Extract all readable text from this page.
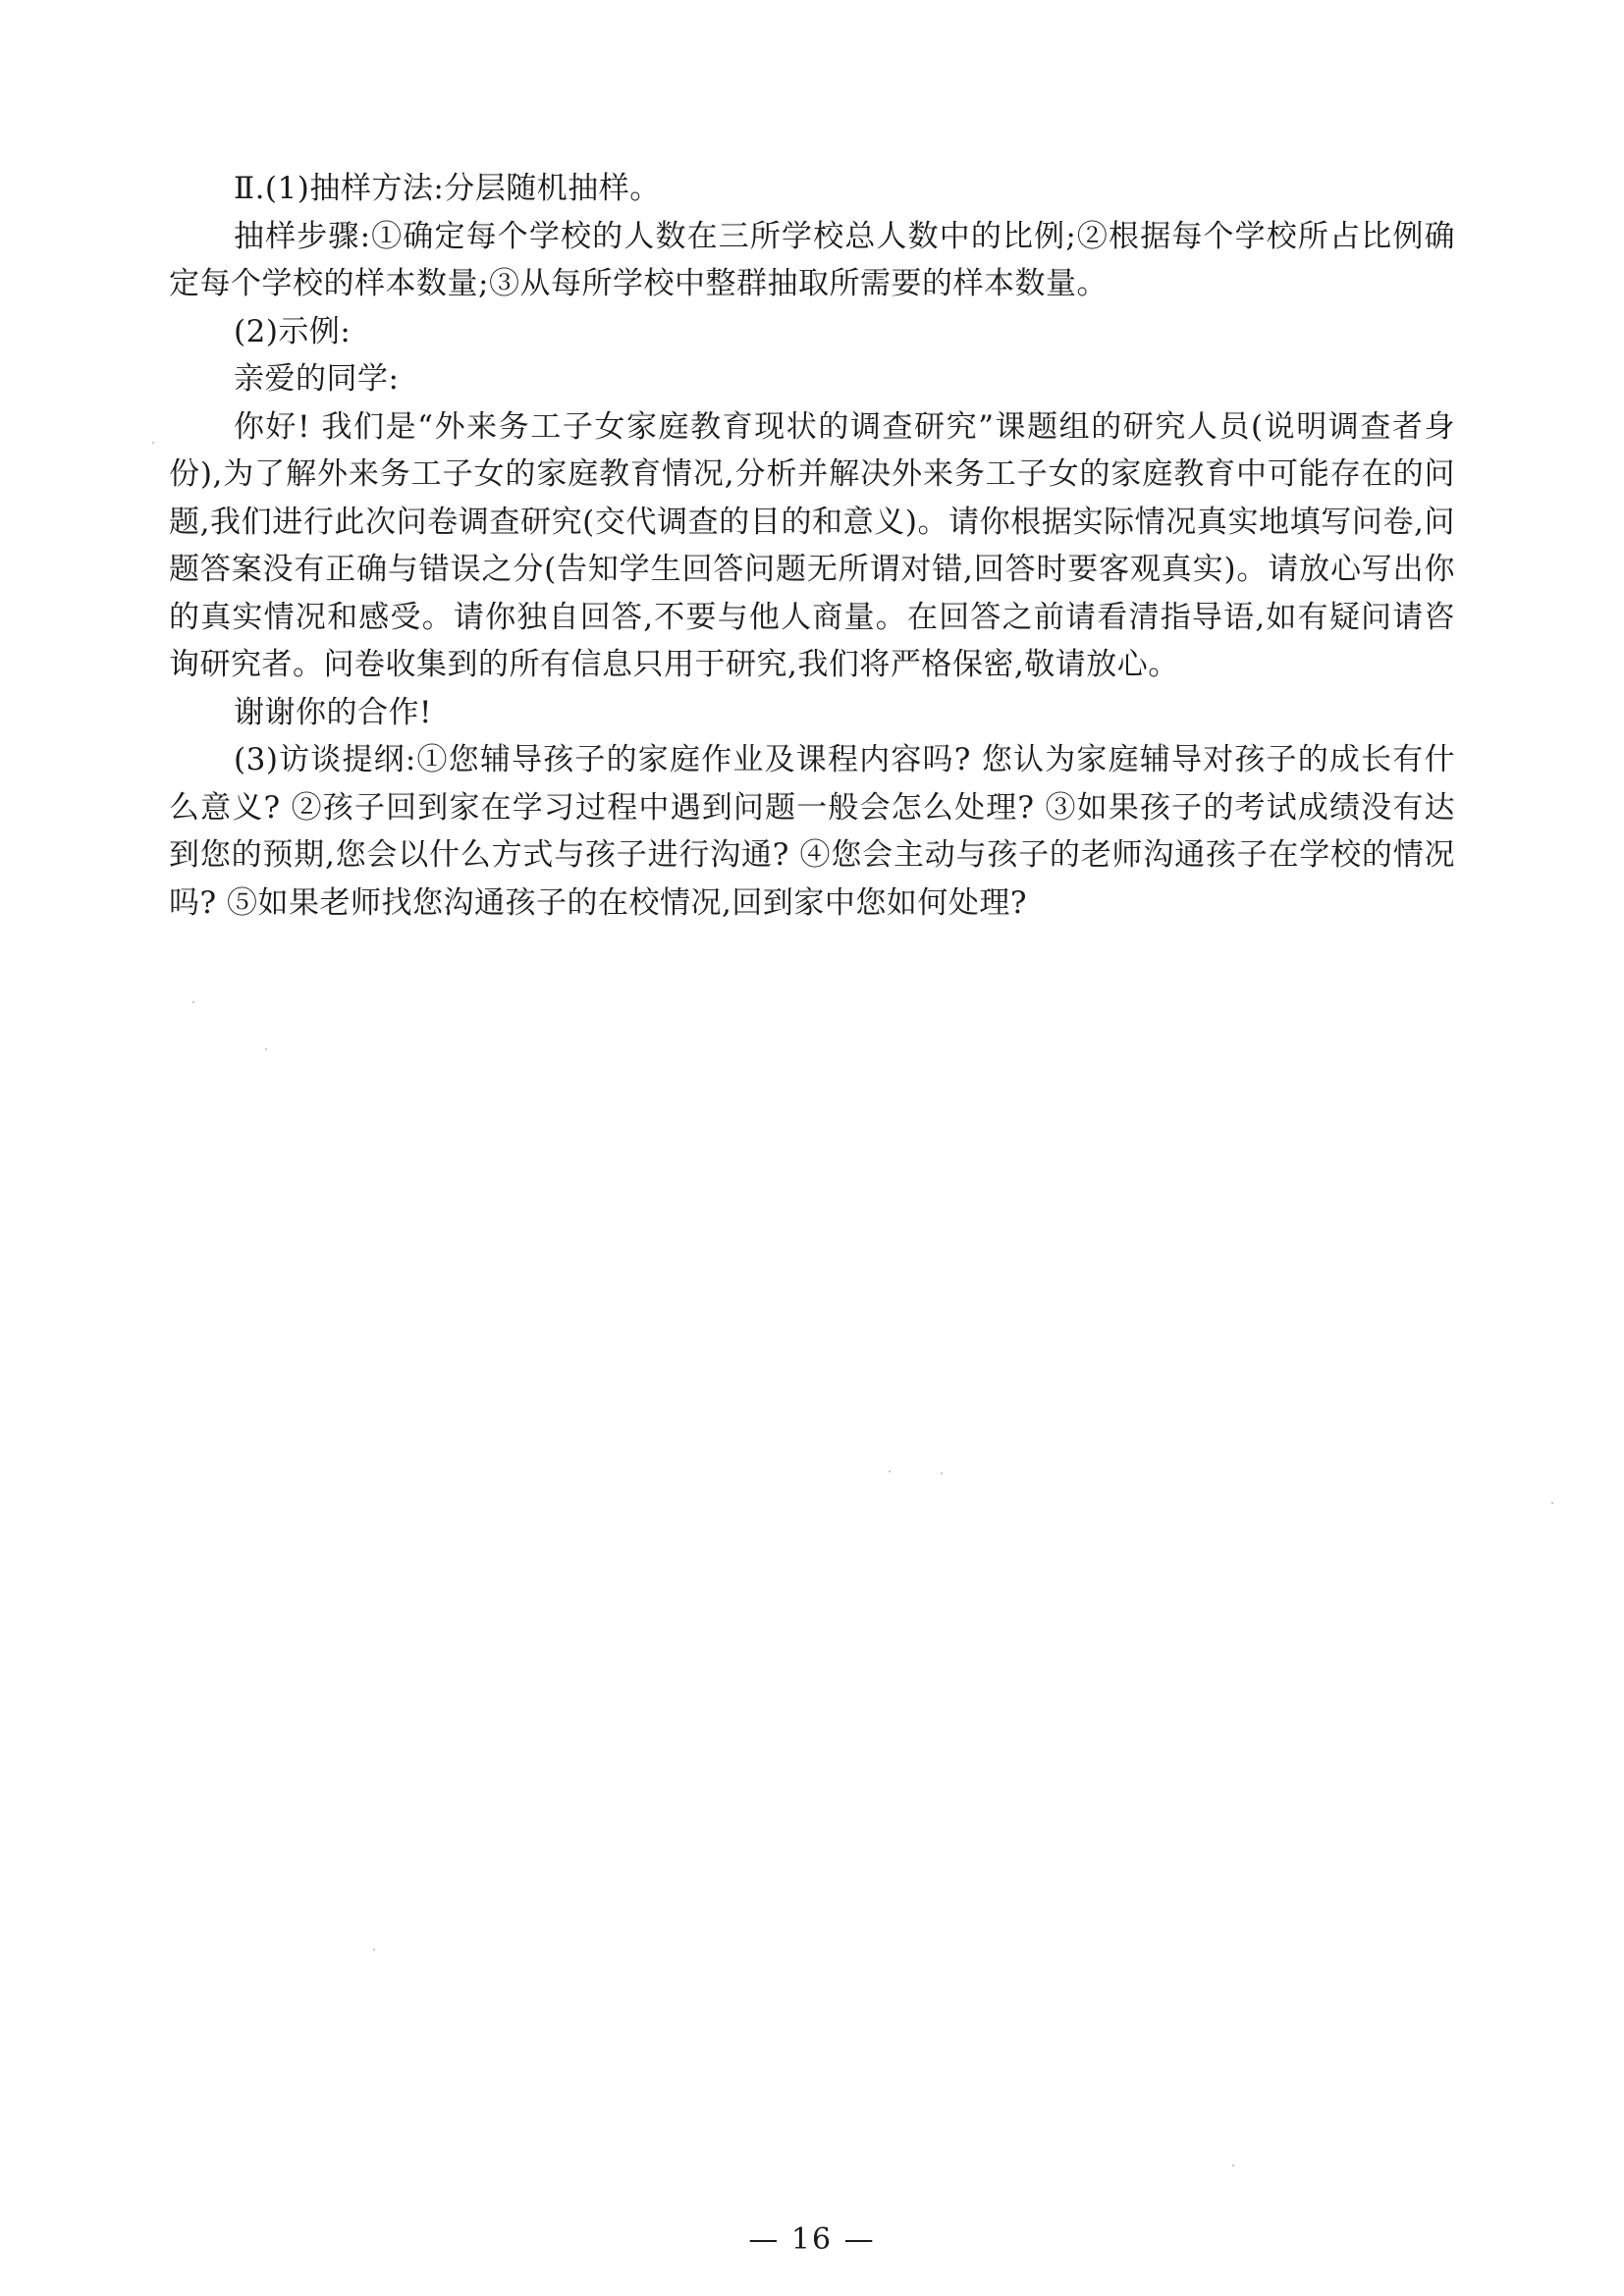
Ⅱ.(1)抽样方法:分层随机抽样。

抽样步骤:①确定每个学校的人数在三所学校总人数中的比例;②根据每个学校所占比例确定每个学校的样本数量;③从每所学校中整群抽取所需要的样本数量。

(2)示例:

亲爱的同学:

你好! 我们是“外来务工子女家庭教育现状的调查研究”课题组的研究人员(说明调查者身份),为了解外来务工子女的家庭教育情况,分析并解决外来务工子女的家庭教育中可能存在的问题,我们进行此次问卷调查研究(交代调查的目的和意义)。请你根据实际情况真实地填写问卷,问题答案没有正确与错误之分(告知学生回答问题无所谓对错,回答时要客观真实)。请放心写出你的真实情况和感受。请你独自回答,不要与他人商量。在回答之前请看清指导语,如有疑问请咨询研究者。问卷收集到的所有信息只用于研究,我们将严格保密,敬请放心。

谢谢你的合作!

(3)访谈提纲:①您辅导孩子的家庭作业及课程内容吗? 您认为家庭辅导对孩子的成长有什么意义? ②孩子回到家在学习过程中遇到问题一般会怎么处理? ③如果孩子的考试成绩没有达到您的预期,您会以什么方式与孩子进行沟通? ④您会主动与孩子的老师沟通孩子在学校的情况吗? ⑤如果老师找您沟通孩子的在校情况,回到家中您如何处理?

— 16 —
